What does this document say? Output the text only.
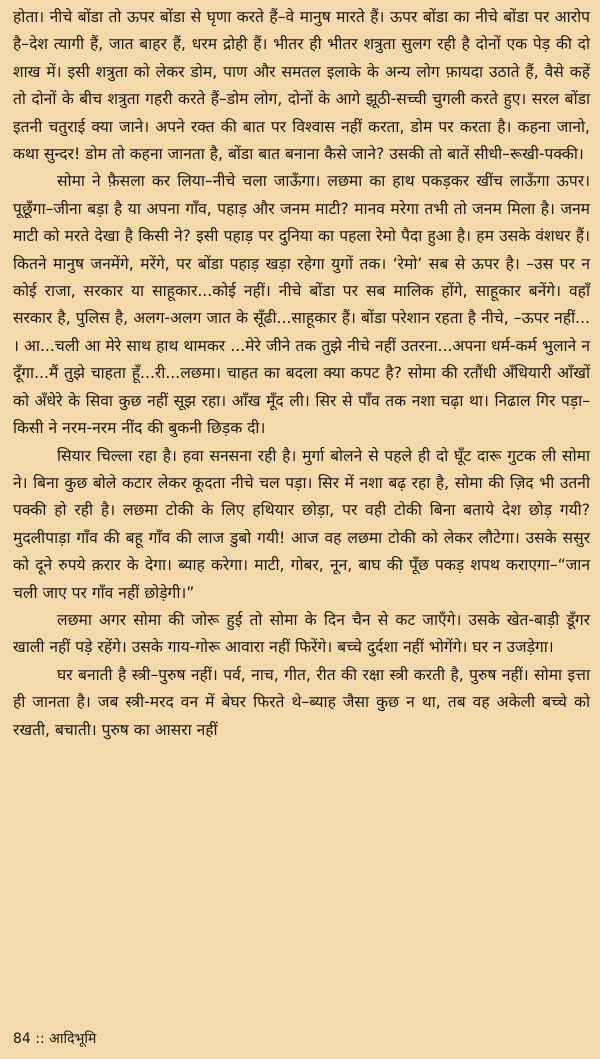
होता। नीचे बोंडा तो ऊपर बोंडा से घृणा करते हैं–वे मानुष मारते हैं। ऊपर बोंडा का नीचे बोंडा पर आरोप है–देश त्यागी हैं, जात बाहर हैं, धरम द्रोही हैं। भीतर ही भीतर शत्रुता सुलग रही है दोनों एक पेड़ की दो शाख में। इसी शत्रुता को लेकर डोम, पाण और समतल इलाके के अन्य लोग फ़ायदा उठाते हैं, वैसे कहें तो दोनों के बीच शत्रुता गहरी करते हैं–डोम लोग, दोनों के आगे झूठी-सच्ची चुगली करते हुए। सरल बोंडा इतनी चतुराई क्या जाने। अपने रक्त की बात पर विश्वास नहीं करता, डोम पर करता है। कहना जानो, कथा सुन्दर! डोम तो कहना जानता है, बोंडा बात बनाना कैसे जाने? उसकी तो बातें सीधी–रूखी-पक्की।

सोमा ने फ़ैसला कर लिया–नीचे चला जाऊँगा। लछमा का हाथ पकड़कर खींच लाऊँगा ऊपर। पूछूँगा–जीना बड़ा है या अपना गाँव, पहाड़ और जनम माटी? मानव मरेगा तभी तो जनम मिला है। जनम माटी को मरते देखा है किसी ने? इसी पहाड़ पर दुनिया का पहला रेमो पैदा हुआ है। हम उसके वंशधर हैं। कितने मानुष जनमेंगे, मरेंगे, पर बोंडा पहाड़ खड़ा रहेगा युगों तक। ‘रेमो’ सब से ऊपर है। –उस पर न कोई राजा, सरकार या साहूकार...कोई नहीं। नीचे बोंडा पर सब मालिक होंगे, साहूकार बनेंगे। वहाँ सरकार है, पुलिस है, अलग-अलग जात के सूँढी...साहूकार हैं। बोंडा परेशान रहता है नीचे, –ऊपर नहीं... । आ...चली आ मेरे साथ हाथ थामकर ...मेरे जीने तक तुझे नीचे नहीं उतरना...अपना धर्म-कर्म भुलाने न दूँगा...मैं तुझे चाहता हूँ...री...लछमा। चाहत का बदला क्या कपट है? सोमा की रतौंधी अँधियारी आँखों को अँधेरे के सिवा कुछ नहीं सूझ रहा। आँख मूँद ली। सिर से पाँव तक नशा चढ़ा था। निढाल गिर पड़ा–किसी ने नरम-नरम नींद की बुकनी छिड़क दी।

सियार चिल्ला रहा है। हवा सनसना रही है। मुर्गा बोलने से पहले ही दो घूँट दारू गुटक ली सोमा ने। बिना कुछ बोले कटार लेकर कूदता नीचे चल पड़ा। सिर में नशा बढ़ रहा है, सोमा की ज़िद भी उतनी पक्की हो रही है। लछमा टोकी के लिए हथियार छोड़ा, पर वही टोकी बिना बताये देश छोड़ गयी? मुदलीपाड़ा गाँव की बहू गाँव की लाज डुबो गयी! आज वह लछमा टोकी को लेकर लौटेगा। उसके ससुर को दूने रुपये क़रार के देगा। ब्याह करेगा। माटी, गोबर, नून, बाघ की पूँछ पकड़ शपथ कराएगा–“जान चली जाए पर गाँव नहीं छोड़ेगी।”

लछमा अगर सोमा की जोरू हुई तो सोमा के दिन चैन से कट जाएँगे। उसके खेत-बाड़ी डूँगर खाली नहीं पड़े रहेंगे। उसके गाय-गोरू आवारा नहीं फिरेंगे। बच्चे दुर्दशा नहीं भोगेंगे। घर न उजड़ेगा।

घर बनाती है स्त्री–पुरुष नहीं। पर्व, नाच, गीत, रीत की रक्षा स्त्री करती है, पुरुष नहीं। सोमा इत्ता ही जानता है। जब स्त्री-मरद वन में बेघर फिरते थे–ब्याह जैसा कुछ न था, तब वह अकेली बच्चे को रखती, बचाती। पुरुष का आसरा नहीं

84 :: आदिभूमि
